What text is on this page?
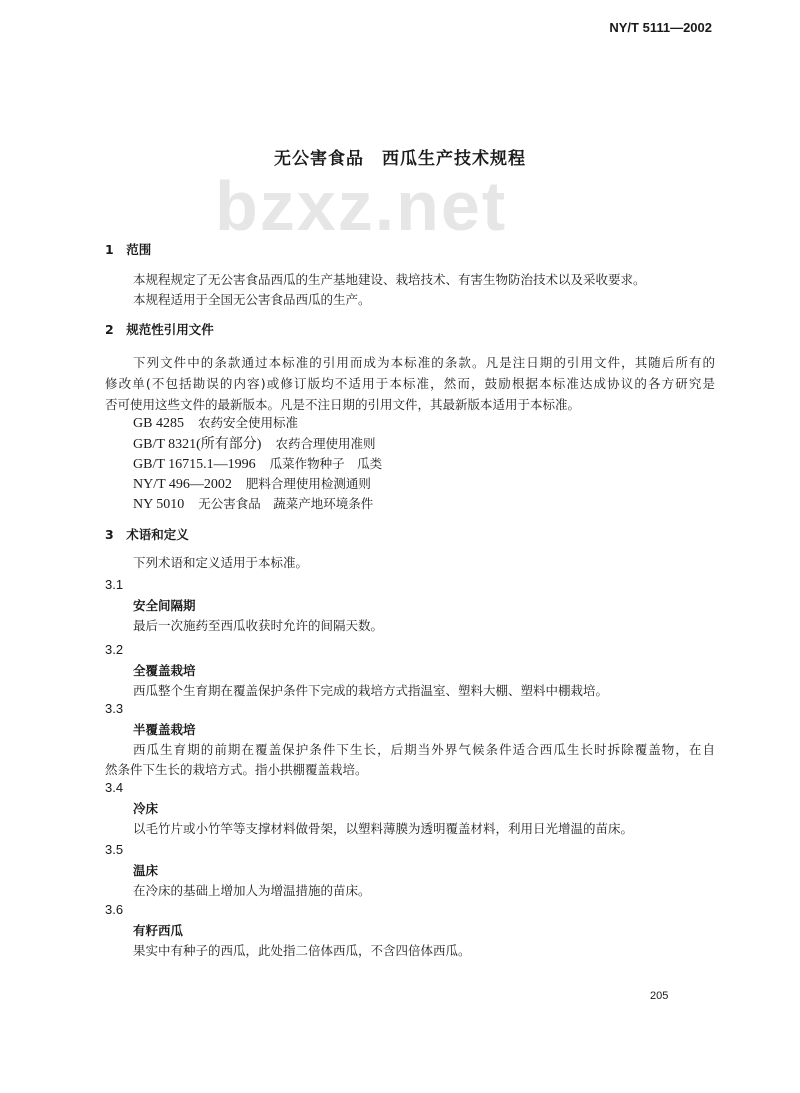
NY/T 5111—2002
无公害食品　西瓜生产技术规程
bzxz.net
1　范围
本规程规定了无公害食品西瓜的生产基地建设、栽培技术、有害生物防治技术以及采收要求。
本规程适用于全国无公害食品西瓜的生产。
2　规范性引用文件
下列文件中的条款通过本标准的引用而成为本标准的条款。凡是注日期的引用文件，其随后所有的
修改单(不包括勘误的内容)或修订版均不适用于本标准，然而，鼓励根据本标准达成协议的各方研究是
否可使用这些文件的最新版本。凡是不注日期的引用文件，其最新版本适用于本标准。
GB 4285 农药安全使用标准
GB/T 8321(所有部分) 农药合理使用准则
GB/T 16715.1—1996 瓜菜作物种子　瓜类
NY/T 496—2002 肥料合理使用检测通则
NY 5010 无公害食品　蔬菜产地环境条件
3　术语和定义
下列术语和定义适用于本标准。
3.1
安全间隔期
最后一次施药至西瓜收获时允许的间隔天数。
3.2
全覆盖栽培
西瓜整个生育期在覆盖保护条件下完成的栽培方式指温室、塑料大棚、塑料中棚栽培。
3.3
半覆盖栽培
西瓜生育期的前期在覆盖保护条件下生长，后期当外界气候条件适合西瓜生长时拆除覆盖物，在自
然条件下生长的栽培方式。指小拱棚覆盖栽培。
3.4
冷床
以毛竹片或小竹竿等支撑材料做骨架，以塑料薄膜为透明覆盖材料，利用日光增温的苗床。
3.5
温床
在冷床的基础上增加人为增温措施的苗床。
3.6
有籽西瓜
果实中有种子的西瓜，此处指二倍体西瓜，不含四倍体西瓜。
205
